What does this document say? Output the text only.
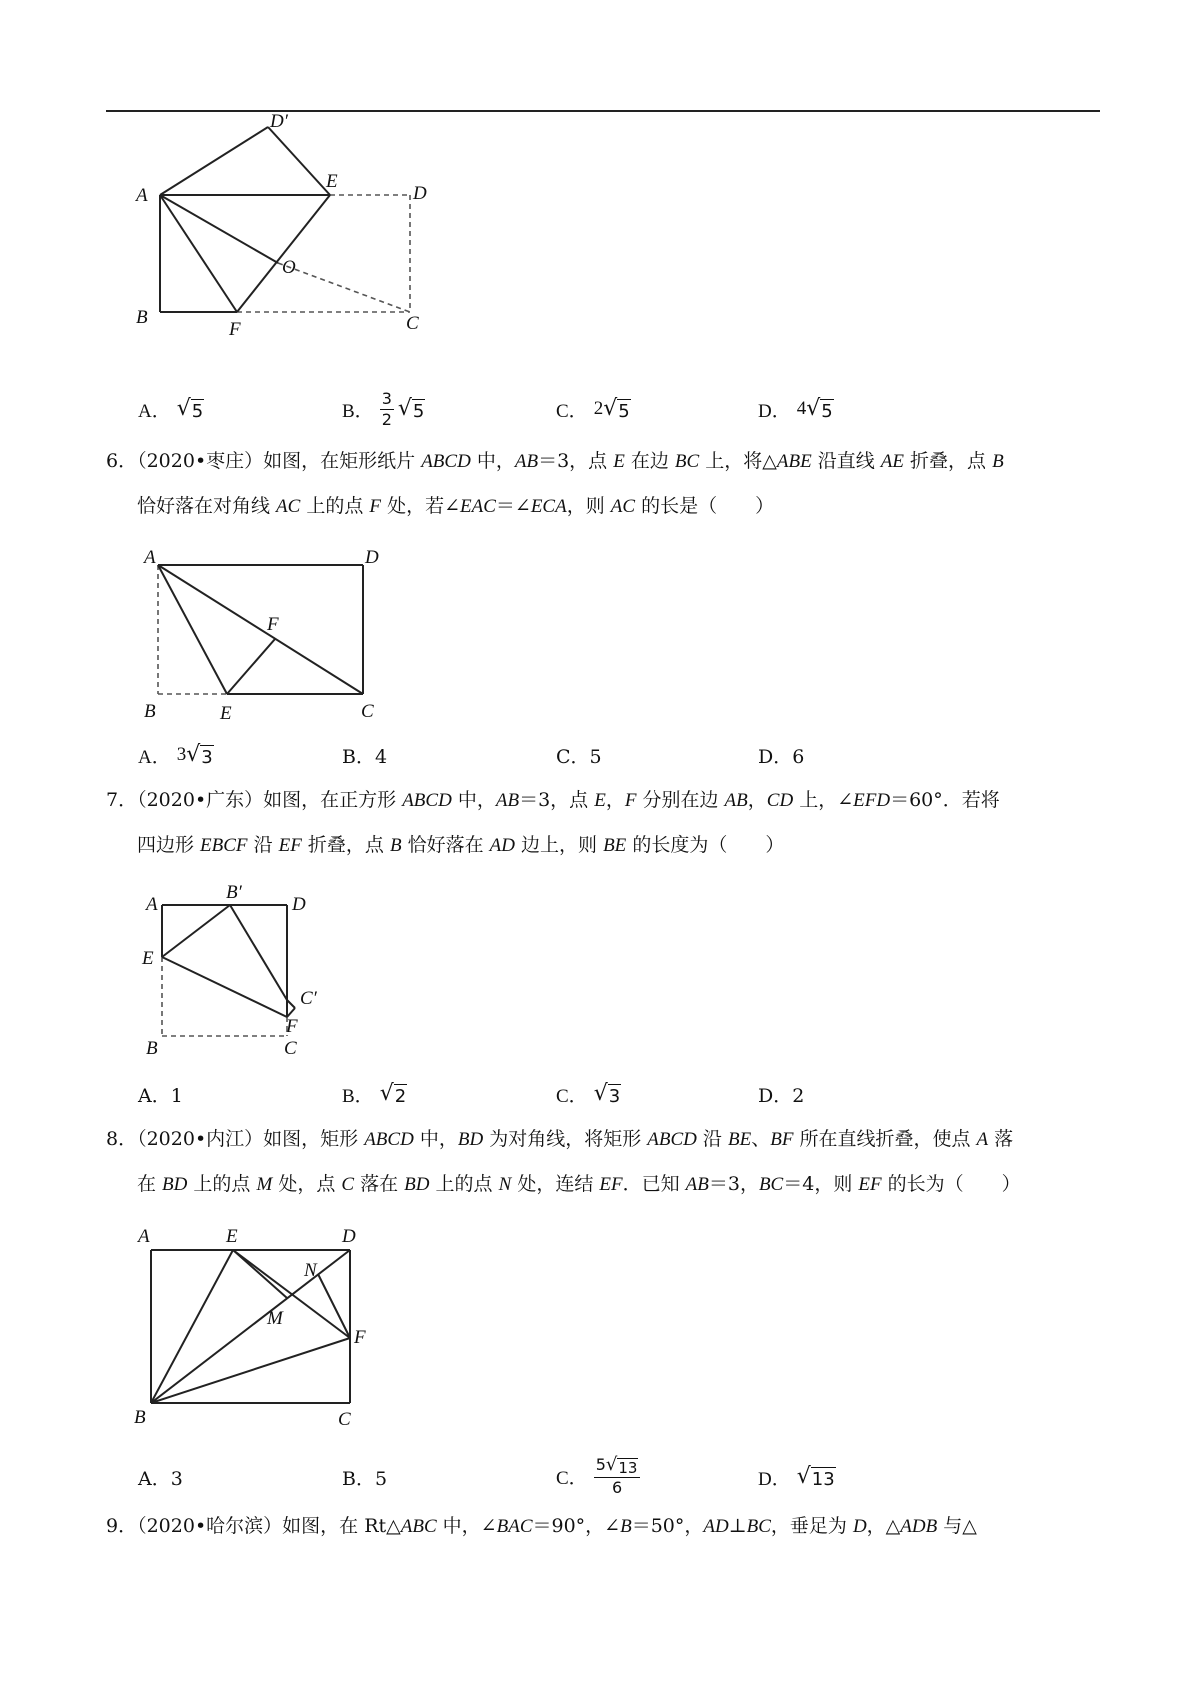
A
B	C
D
D′
E
F
O
A． √ 5	B． $\frac{3}{2}$ √ 5	C． 2 √ 5	D． 4 √ 5

6．（2020•枣庄）如图，在矩形纸片 ABCD 中，AB＝3，点 E 在边 BC 上，将△ABE 沿直线 AE 折叠，点 B

恰好落在对角线 AC 上的点 F 处，若∠EAC＝∠ECA，则 AC 的长是（　　）

A	D
F
B	E	C
A． 3 √ 3	B．4	C．5	D．6

7．（2020•广东）如图，在正方形 ABCD 中，AB＝3，点 E，F 分别在边 AB，CD 上，∠EFD＝60°．若将

四边形 EBCF 沿 EF 折叠，点 B 恰好落在 AD 边上，则 BE 的长度为（　　）

A
B′
D
E
C′
F
B	C
A．1	B． √ 2	C． √ 3	D．2

8．（2020•内江）如图，矩形 ABCD 中，BD 为对角线，将矩形 ABCD 沿 BE、BF 所在直线折叠，使点 A 落

在 BD 上的点 M 处，点 C 落在 BD 上的点 N 处，连结 EF．已知 AB＝3，BC＝4，则 EF 的长为（　　）

A	E	D
N
M
F
B	C
A．3	B．5	C． $\frac{5 √ 13}{6}$	D． √ 13

9．（2020•哈尔滨）如图，在 Rt△ABC 中，∠BAC＝90°，∠B＝50°，AD⊥BC，垂足为 D，△ADB 与△
